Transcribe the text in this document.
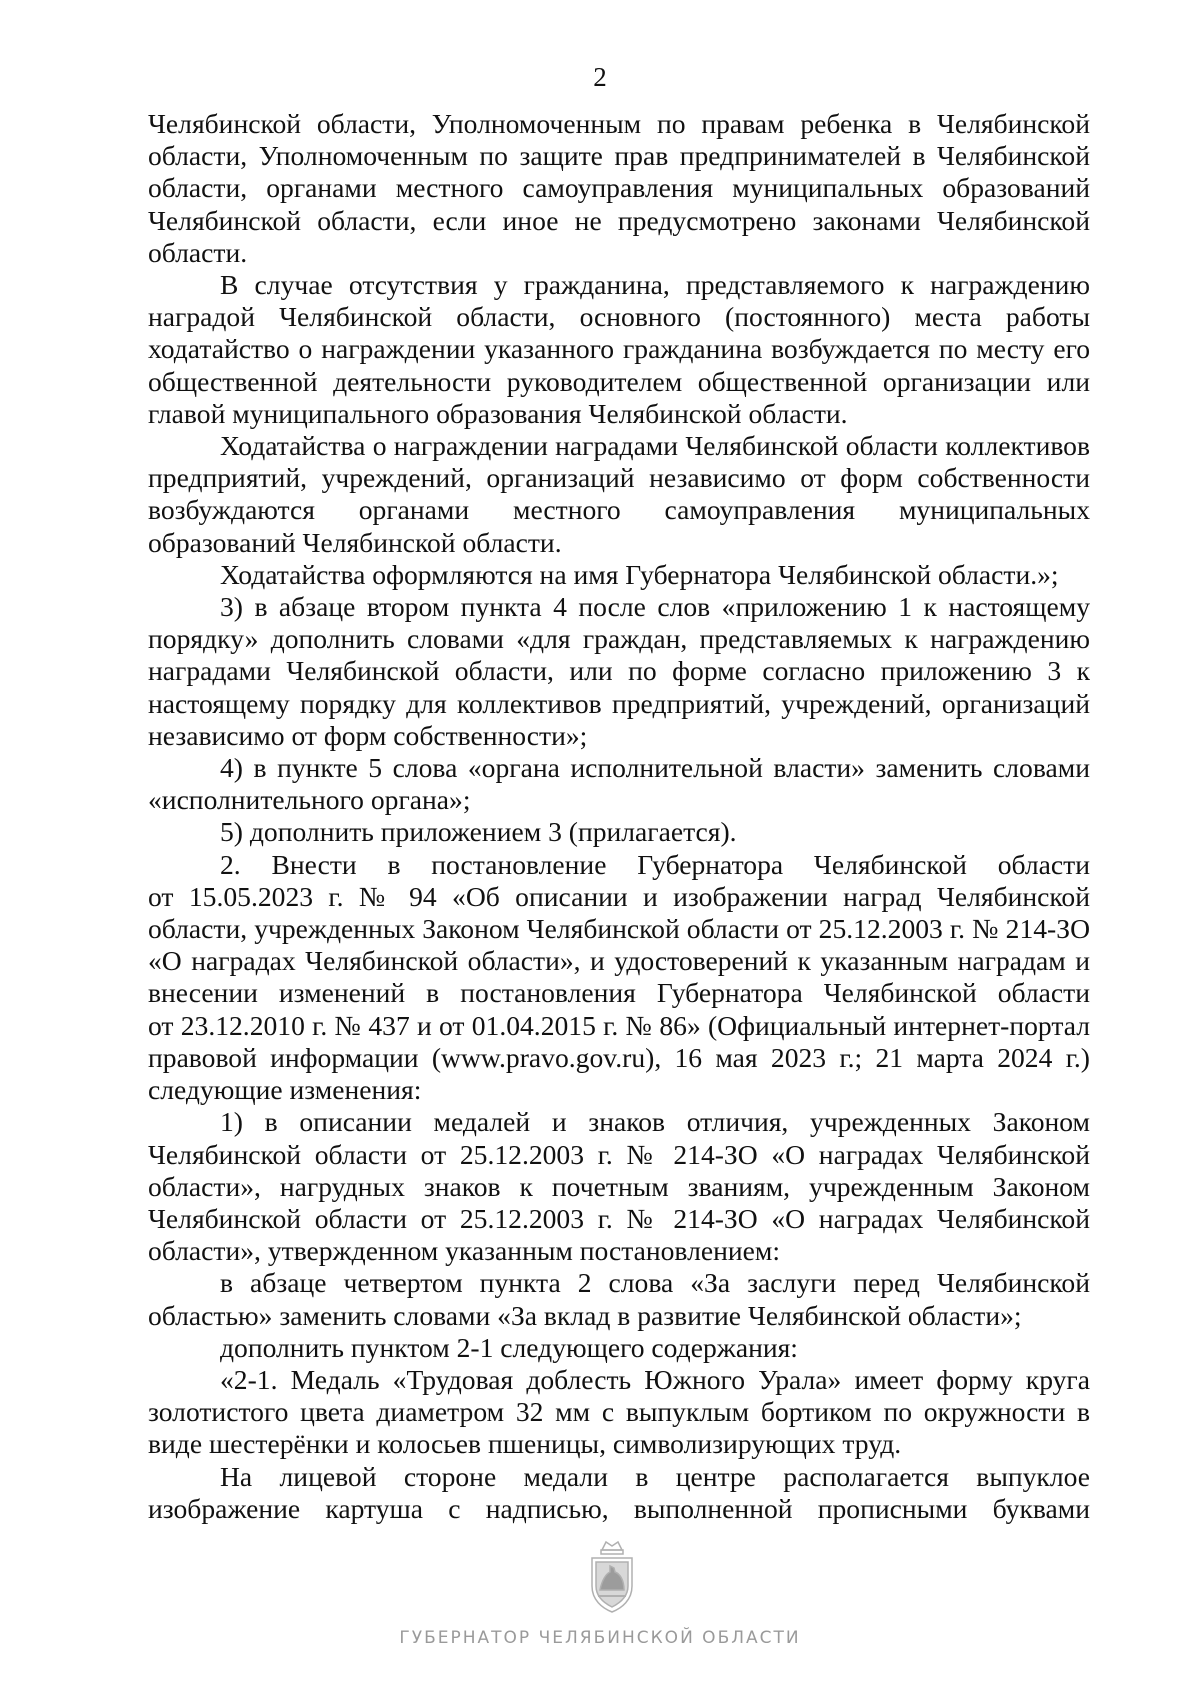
2

Челябинской области, Уполномоченным по правам ребенка в Челябинской

области, Уполномоченным по защите прав предпринимателей в Челябинской

области, органами местного самоуправления муниципальных образований

Челябинской области, если иное не предусмотрено законами Челябинской

области.

В случае отсутствия у гражданина, представляемого к награждению

наградой Челябинской области, основного (постоянного) места работы

ходатайство о награждении указанного гражданина возбуждается по месту его

общественной деятельности руководителем общественной организации или

главой муниципального образования Челябинской области.

Ходатайства о награждении наградами Челябинской области коллективов

предприятий, учреждений, организаций независимо от форм собственности

возбуждаются органами местного самоуправления муниципальных

образований Челябинской области.

Ходатайства оформляются на имя Губернатора Челябинской области.»;

3) в абзаце втором пункта 4 после слов «приложению 1 к настоящему

порядку» дополнить словами «для граждан, представляемых к награждению

наградами Челябинской области, или по форме согласно приложению 3 к

настоящему порядку для коллективов предприятий, учреждений, организаций

независимо от форм собственности»;

4) в пункте 5 слова «органа исполнительной власти» заменить словами

«исполнительного органа»;

5) дополнить приложением 3 (прилагается).

2. Внести в постановление Губернатора Челябинской области

от 15.05.2023 г. № 94 «Об описании и изображении наград Челябинской

области, учрежденных Законом Челябинской области от 25.12.2003 г. № 214-ЗО

«О наградах Челябинской области», и удостоверений к указанным наградам и

внесении изменений в постановления Губернатора Челябинской области

от 23.12.2010 г. № 437 и от 01.04.2015 г. № 86» (Официальный интернет-портал

правовой информации (www.pravo.gov.ru), 16 мая 2023 г.; 21 марта 2024 г.)

следующие изменения:

1) в описании медалей и знаков отличия, учрежденных Законом

Челябинской области от 25.12.2003 г. № 214-ЗО «О наградах Челябинской

области», нагрудных знаков к почетным званиям, учрежденным Законом

Челябинской области от 25.12.2003 г. № 214-ЗО «О наградах Челябинской

области», утвержденном указанным постановлением:

в абзаце четвертом пункта 2 слова «За заслуги перед Челябинской

областью» заменить словами «За вклад в развитие Челябинской области»;

дополнить пунктом 2-1 следующего содержания:

«2-1. Медаль «Трудовая доблесть Южного Урала» имеет форму круга

золотистого цвета диаметром 32 мм с выпуклым бортиком по окружности в

виде шестерёнки и колосьев пшеницы, символизирующих труд.

На лицевой стороне медали в центре располагается выпуклое

изображение картуша с надписью, выполненной прописными буквами

ГУБЕРНАТОР ЧЕЛЯБИНСКОЙ ОБЛАСТИ
